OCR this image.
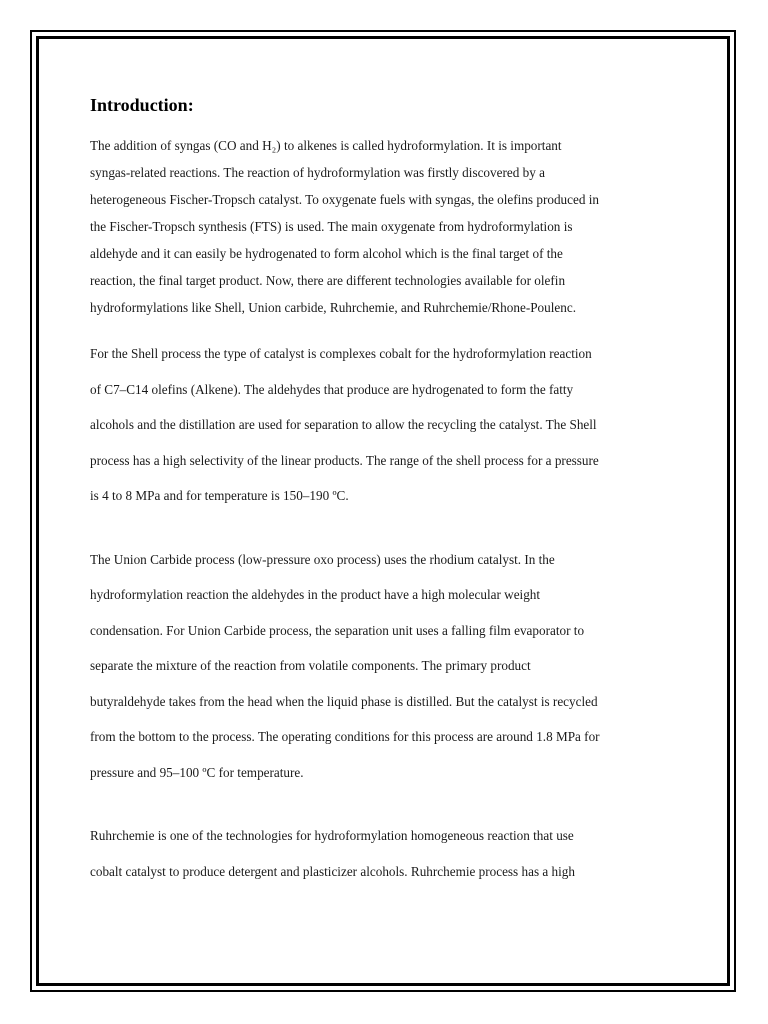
Introduction:

The addition of syngas (CO and H₂) to alkenes is called hydroformylation. It is important
syngas-related reactions. The reaction of hydroformylation was firstly discovered by a
heterogeneous Fischer-Tropsch catalyst. To oxygenate fuels with syngas, the olefins produced in
the Fischer-Tropsch synthesis (FTS) is used. The main oxygenate from hydroformylation is
aldehyde and it can easily be hydrogenated to form alcohol which is the final target of the
reaction, the final target product. Now, there are different technologies available for olefin
hydroformylations like Shell, Union carbide, Ruhrchemie, and Ruhrchemie/Rhone-Poulenc.

For the Shell process the type of catalyst is complexes cobalt for the hydroformylation reaction
of C7–C14 olefins (Alkene). The aldehydes that produce are hydrogenated to form the fatty
alcohols and the distillation are used for separation to allow the recycling the catalyst. The Shell
process has a high selectivity of the linear products. The range of the shell process for a pressure
is 4 to 8 MPa and for temperature is 150–190 ºC.

The Union Carbide process (low-pressure oxo process) uses the rhodium catalyst. In the
hydroformylation reaction the aldehydes in the product have a high molecular weight
condensation. For Union Carbide process, the separation unit uses a falling film evaporator to
separate the mixture of the reaction from volatile components. The primary product
butyraldehyde takes from the head when the liquid phase is distilled. But the catalyst is recycled
from the bottom to the process. The operating conditions for this process are around 1.8 MPa for
pressure and 95–100 ºC for temperature.

Ruhrchemie is one of the technologies for hydroformylation homogeneous reaction that use
cobalt catalyst to produce detergent and plasticizer alcohols. Ruhrchemie process has a high
